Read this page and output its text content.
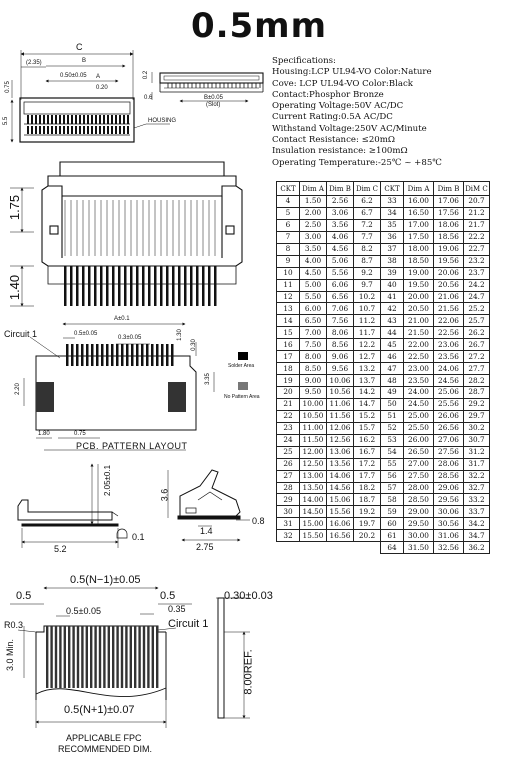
0.5mm
Specifications:
Housing:LCP UL94-VO Color:Nature
Cove: LCP UL94-VO Color:Black
Contact:Phosphor Bronze
Operating Voltage:50V AC/DC
Current Rating:0.5A AC/DC
Withstand Voltage:250V AC/Minute
Contact Resistance: ≤20mΩ
Insulation resistance: ≥100mΩ
Operating Temperature:-25℃ ~ +85℃
C
(2.35)	B
0.50±0.05 A
0.20
0.75
5.5	HOUSING
0.2
0.6	B±0.05
(Slot)
1.75
1.40
Circuit 1
A±0.1
0.5±0.05
0.3±0.05	1.30
0.30
2.20
3.35
1.80	0.75
PCB. PATTERN LAYOUT
Solder Area
No Pattern Area
2.05±0.1
5.2
0.1
3.6
1.4
2.75
0.8
0.5(N−1)±0.05
0.5	0.5
0.35
0.5±0.05
R0.3	Circuit 1
3.0 Min.
0.5(N+1)±0.07
0.30±0.03
8.00REF.
APPLICABLE FPC
RECOMMENDED DIM.
CKT	Dim A	Dim B	Dim C	CKT	Dim A	Dim B	DiM C
4	1.50	2.56	6.2	33	16.00	17.06	20.7
5	2.00	3.06	6.7	34	16.50	17.56	21.2
6	2.50	3.56	7.2	35	17.00	18.06	21.7
7	3.00	4.06	7.7	36	17.50	18.56	22.2
8	3.50	4.56	8.2	37	18.00	19.06	22.7
9	4.00	5.06	8.7	38	18.50	19.56	23.2
10	4.50	5.56	9.2	39	19.00	20.06	23.7
11	5.00	6.06	9.7	40	19.50	20.56	24.2
12	5.50	6.56	10.2	41	20.00	21.06	24.7
13	6.00	7.06	10.7	42	20.50	21.56	25.2
14	6.50	7.56	11.2	43	21.00	22.06	25.7
15	7.00	8.06	11.7	44	21.50	22.56	26.2
16	7.50	8.56	12.2	45	22.00	23.06	26.7
17	8.00	9.06	12.7	46	22.50	23.56	27.2
18	8.50	9.56	13.2	47	23.00	24.06	27.7
19	9.00	10.06	13.7	48	23.50	24.56	28.2
20	9.50	10.56	14.2	49	24.00	25.06	28.7
21	10.00	11.06	14.7	50	24.50	25.56	29.2
22	10.50	11.56	15.2	51	25.00	26.06	29.7
23	11.00	12.06	15.7	52	25.50	26.56	30.2
24	11.50	12.56	16.2	53	26.00	27.06	30.7
25	12.00	13.06	16.7	54	26.50	27.56	31.2
26	12.50	13.56	17.2	55	27.00	28.06	31.7
27	13.00	14.06	17.7	56	27.50	28.56	32.2
28	13.50	14.56	18.2	57	28.00	29.06	32.7
29	14.00	15.06	18.7	58	28.50	29.56	33.2
30	14.50	15.56	19.2	59	29.00	30.06	33.7
31	15.00	16.06	19.7	60	29.50	30.56	34.2
32	15.50	16.56	20.2	61	30.00	31.06	34.7
				64	31.50	32.56	36.2
